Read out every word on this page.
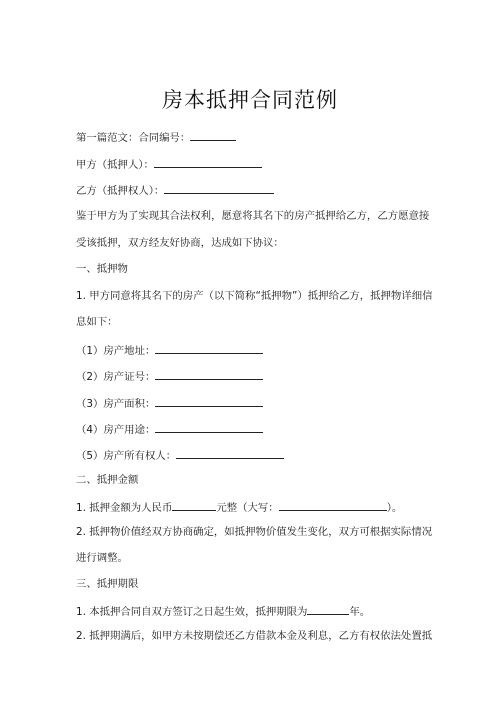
房本抵押合同范例
第一篇范文：合同编号：
甲方（抵押人）：
乙方（抵押权人）：
鉴于甲方为了实现其合法权利，愿意将其名下的房产抵押给乙方，乙方愿意接
受该抵押，双方经友好协商，达成如下协议：
一、抵押物
1. 甲方同意将其名下的房产（以下简称“抵押物”）抵押给乙方，抵押物详细信
息如下：
（1）房产地址：
（2）房产证号：
（3）房产面积：
（4）房产用途：
（5）房产所有权人：
二、抵押金额
1. 抵押金额为人民币	元整（大写：	）。
2. 抵押物价值经双方协商确定，如抵押物价值发生变化，双方可根据实际情况
进行调整。
三、抵押期限
1. 本抵押合同自双方签订之日起生效，抵押期限为	年。
2. 抵押期满后，如甲方未按期偿还乙方借款本金及利息，乙方有权依法处置抵
